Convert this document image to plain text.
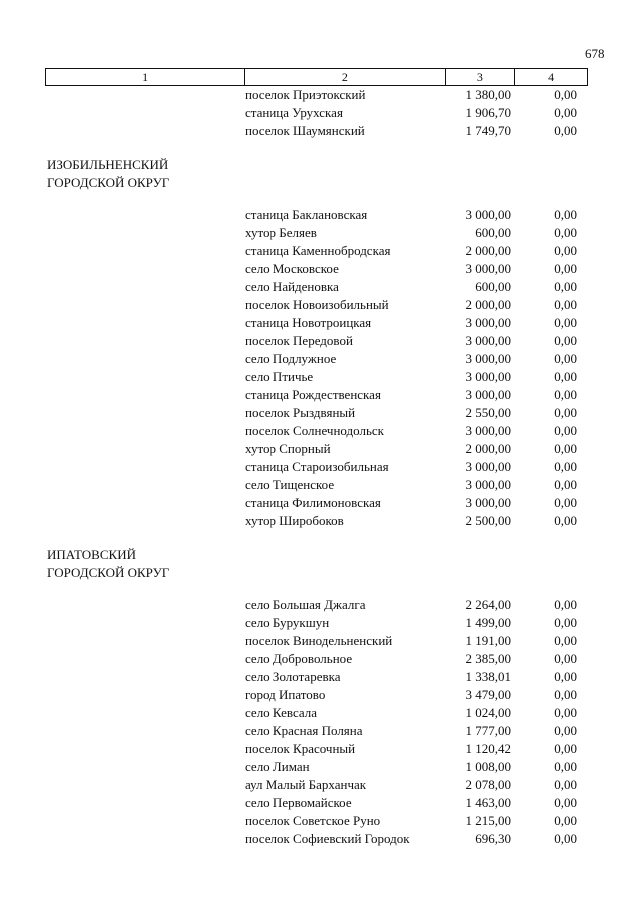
678
1	2	3	4
поселок Приэтокский	1 380,00	0,00
станица Урухская	1 906,70	0,00
поселок Шаумянский	1 749,70	0,00
ИЗОБИЛЬНЕНСКИЙ
ГОРОДСКОЙ ОКРУГ
станица Баклановская	3 000,00	0,00
хутор Беляев	600,00	0,00
станица Каменнобродская	2 000,00	0,00
село Московское	3 000,00	0,00
село Найденовка	600,00	0,00
поселок Новоизобильный	2 000,00	0,00
станица Новотроицкая	3 000,00	0,00
поселок Передовой	3 000,00	0,00
село Подлужное	3 000,00	0,00
село Птичье	3 000,00	0,00
станица Рождественская	3 000,00	0,00
поселок Рыздвяный	2 550,00	0,00
поселок Солнечнодольск	3 000,00	0,00
хутор Спорный	2 000,00	0,00
станица Староизобильная	3 000,00	0,00
село Тищенское	3 000,00	0,00
станица Филимоновская	3 000,00	0,00
хутор Широбоков	2 500,00	0,00
ИПАТОВСКИЙ
ГОРОДСКОЙ ОКРУГ
село Большая Джалга	2 264,00	0,00
село Бурукшун	1 499,00	0,00
поселок Винодельненский	1 191,00	0,00
село Добровольное	2 385,00	0,00
село Золотаревка	1 338,01	0,00
город Ипатово	3 479,00	0,00
село Кевсала	1 024,00	0,00
село Красная Поляна	1 777,00	0,00
поселок Красочный	1 120,42	0,00
село Лиман	1 008,00	0,00
аул Малый Барханчак	2 078,00	0,00
село Первомайское	1 463,00	0,00
поселок Советское Руно	1 215,00	0,00
поселок Софиевский Городок	696,30	0,00
